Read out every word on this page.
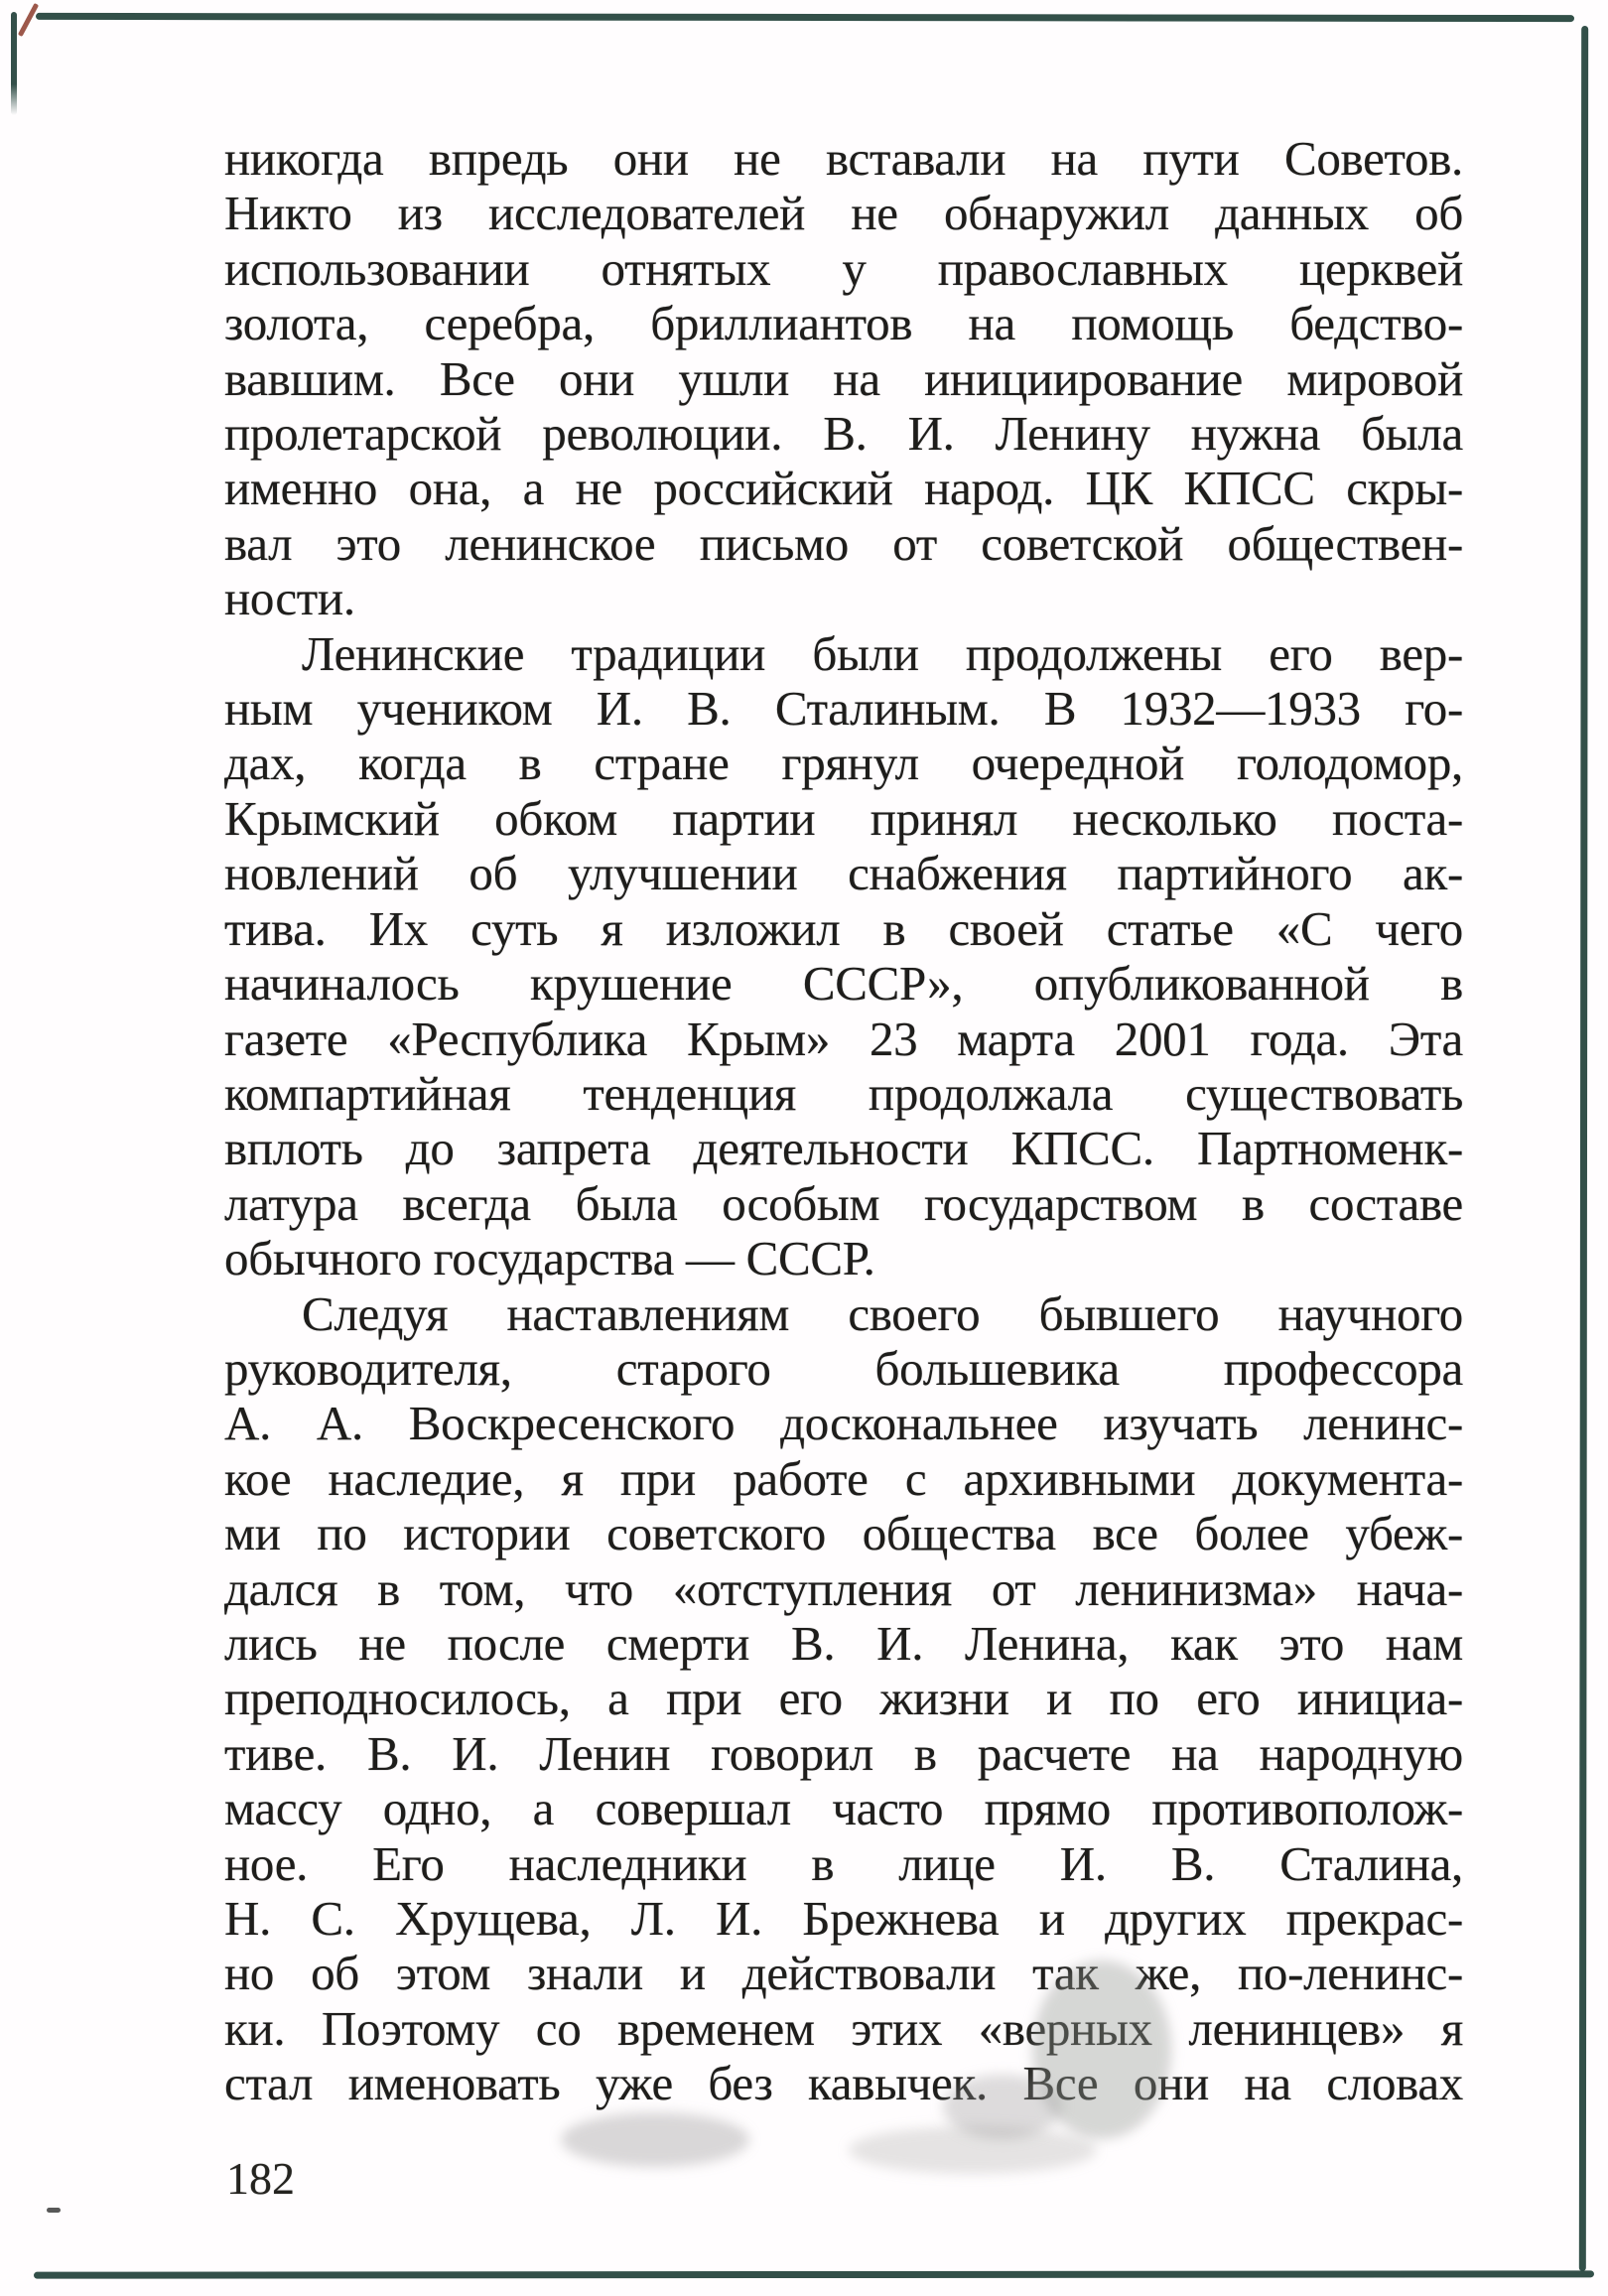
никогда впредь они не вставали на пути Советов.
Никто из исследователей не обнаружил данных об
использовании отнятых у православных церквей
золота, серебра, бриллиантов на помощь бедство-
вавшим. Все они ушли на инициирование мировой
пролетарской революции. В. И. Ленину нужна была
именно она, а не российский народ. ЦК КПСС скры-
вал это ленинское письмо от советской обществен-
ности.
Ленинские традиции были продолжены его вер-
ным учеником И. В. Сталиным. В 1932—1933 го-
дах, когда в стране грянул очередной голодомор,
Крымский обком партии принял несколько поста-
новлений об улучшении снабжения партийного ак-
тива. Их суть я изложил в своей статье «С чего
начиналось крушение СССР», опубликованной в
газете «Республика Крым» 23 марта 2001 года. Эта
компартийная тенденция продолжала существовать
вплоть до запрета деятельности КПСС. Партноменк-
латура всегда была особым государством в составе
обычного государства — СССР.
Следуя наставлениям своего бывшего научного
руководителя, старого большевика профессора
А. А. Воскресенского доскональнее изучать ленинс-
кое наследие, я при работе с архивными документа-
ми по истории советского общества все более убеж-
дался в том, что «отступления от ленинизма» нача-
лись не после смерти В. И. Ленина, как это нам
преподносилось, а при его жизни и по его инициа-
тиве. В. И. Ленин говорил в расчете на народную
массу одно, а совершал часто прямо противополож-
ное. Его наследники в лице И. В. Сталина,
Н. С. Хрущева, Л. И. Брежнева и других прекрас-
но об этом знали и действовали так же, по-ленинс-
ки. Поэтому со временем этих «верных ленинцев» я
стал именовать уже без кавычек. Все они на словах
182
